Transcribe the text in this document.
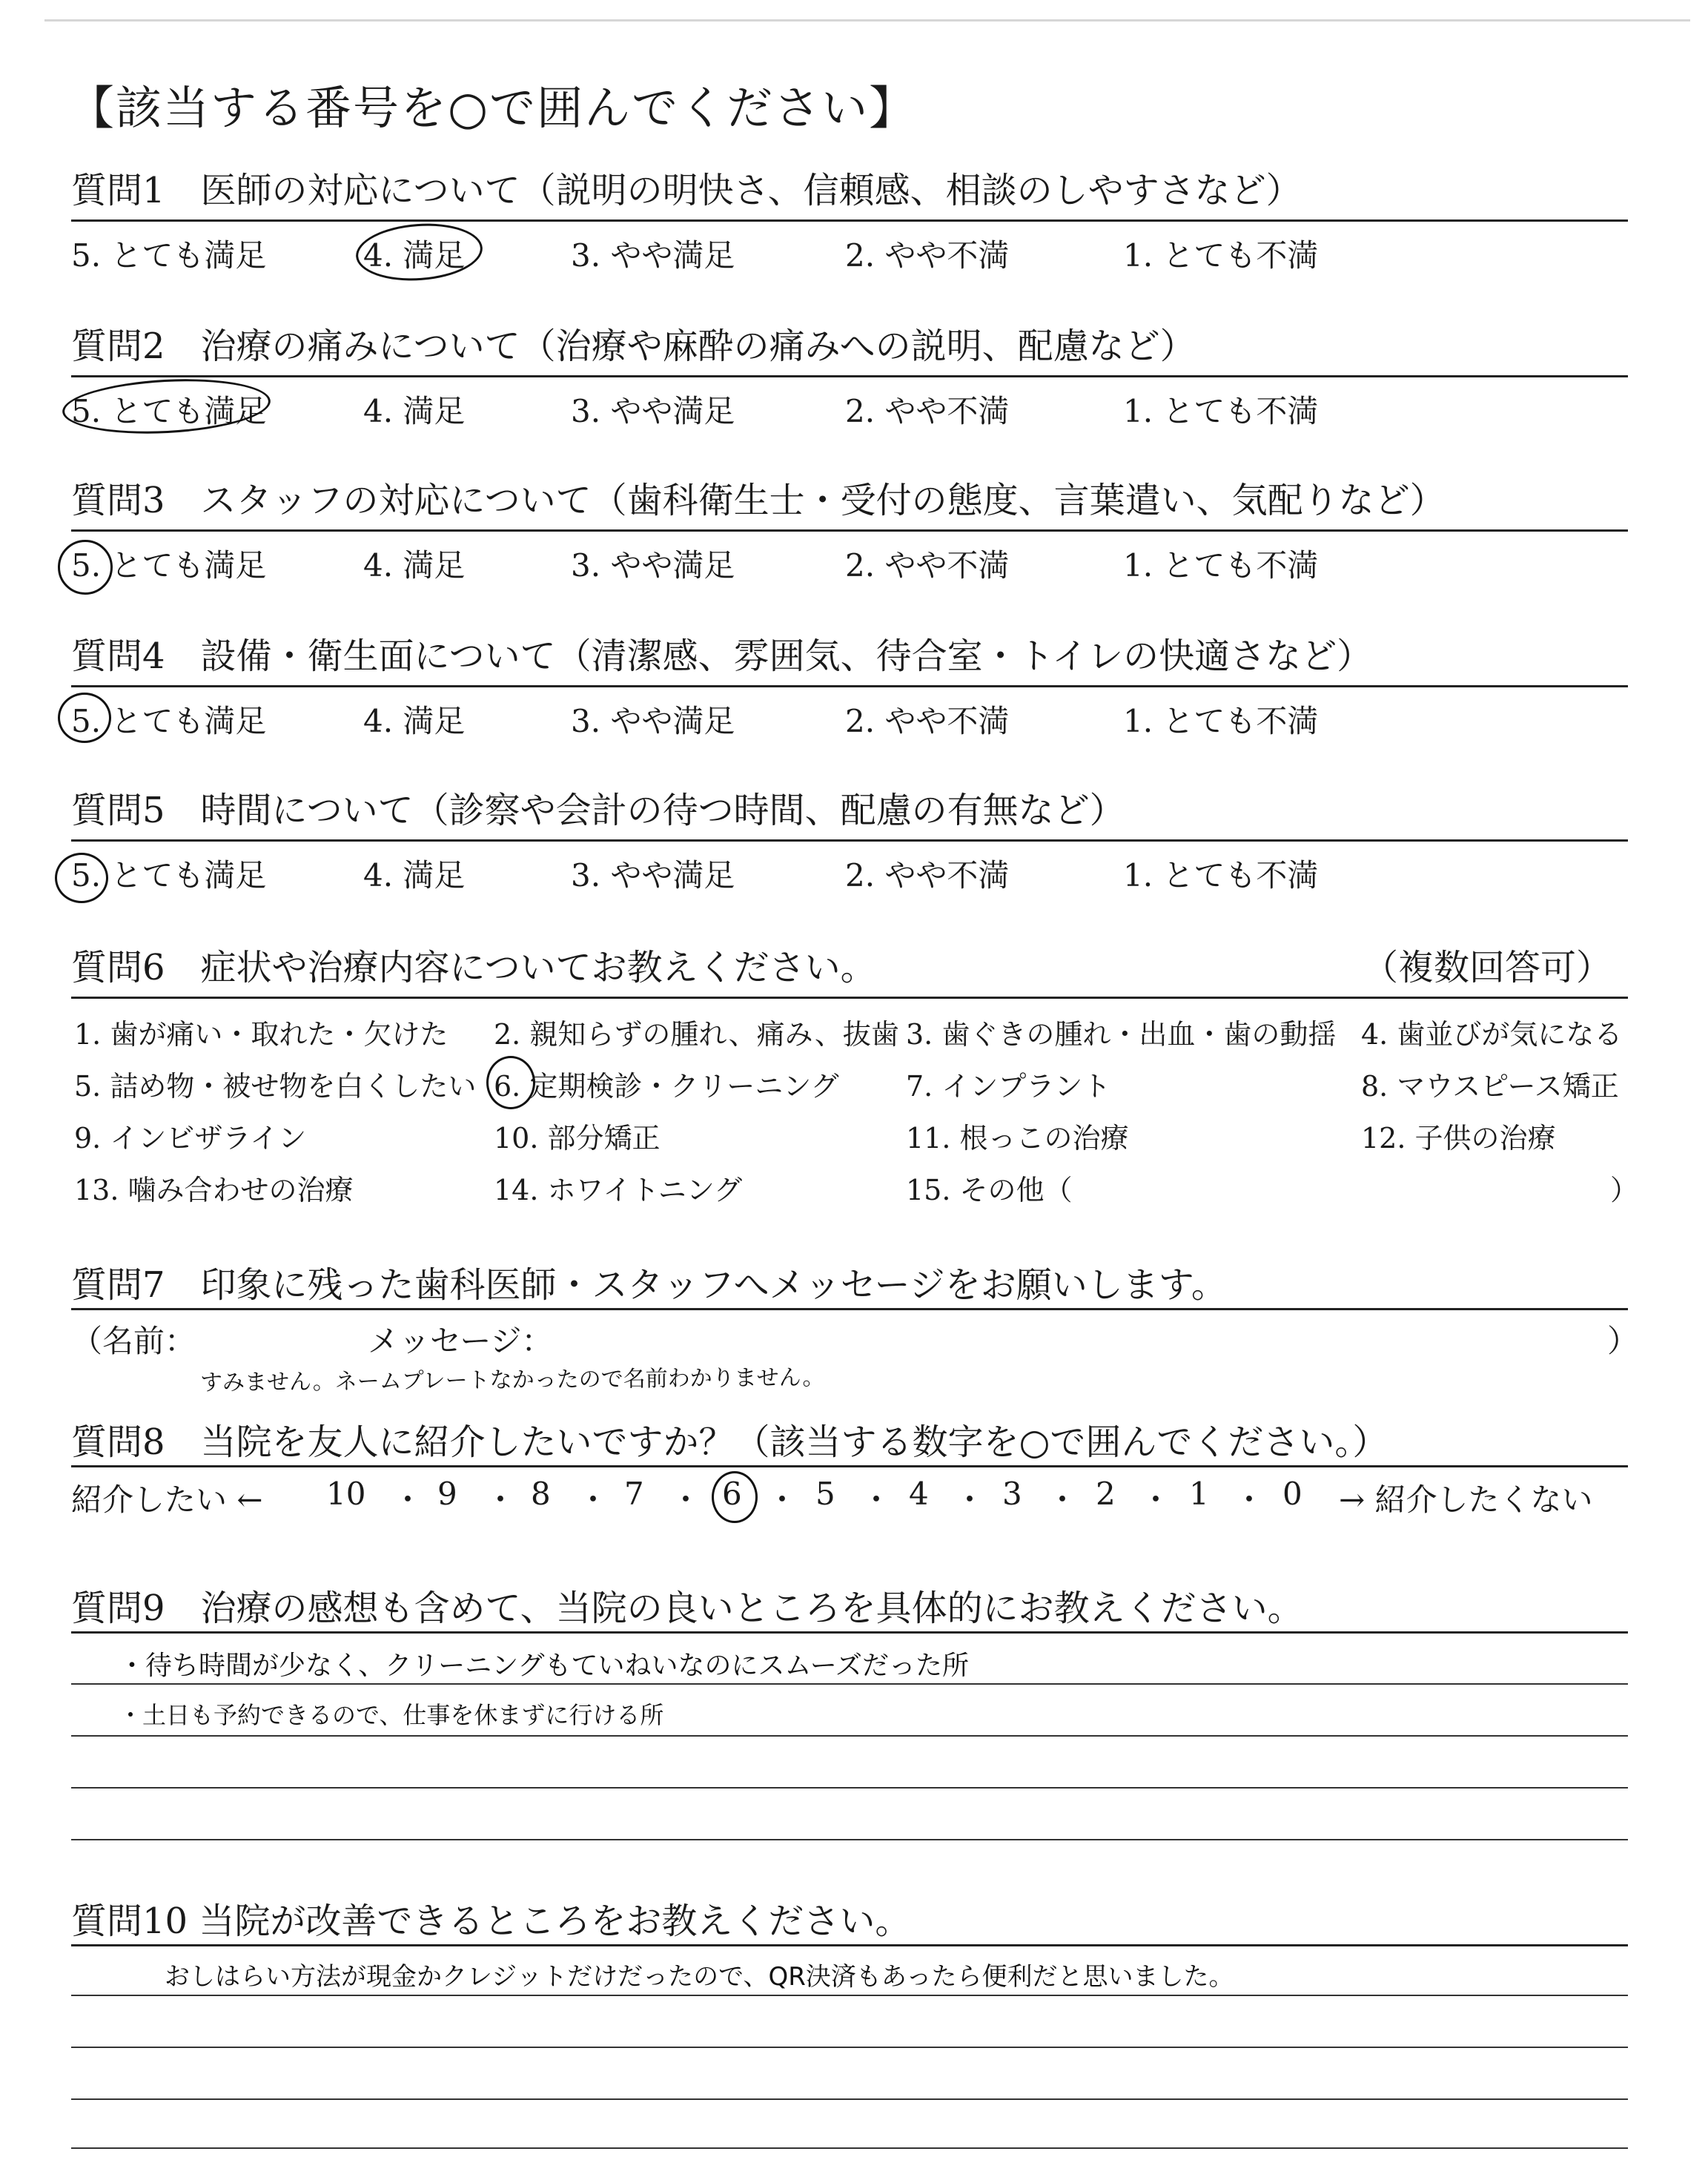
【該当する番号を○で囲んでください】
質問1　医師の対応について（説明の明快さ、信頼感、相談のしやすさなど）
5. とても満足	4. 満足	3. やや満足	2. やや不満	1. とても不満
質問2　治療の痛みについて（治療や麻酔の痛みへの説明、配慮など）
5. とても満足	4. 満足	3. やや満足	2. やや不満	1. とても不満
質問3　スタッフの対応について（歯科衛生士・受付の態度、言葉遣い、気配りなど）
5. とても満足	4. 満足	3. やや満足	2. やや不満	1. とても不満
質問4　設備・衛生面について（清潔感、雰囲気、待合室・トイレの快適さなど）
5. とても満足	4. 満足	3. やや満足	2. やや不満	1. とても不満
質問5　時間について（診察や会計の待つ時間、配慮の有無など）
5. とても満足	4. 満足	3. やや満足	2. やや不満	1. とても不満
質問6　症状や治療内容についてお教えください。	（複数回答可）
1. 歯が痛い・取れた・欠けた 2. 親知らずの腫れ、痛み、抜歯 3. 歯ぐきの腫れ・出血・歯の動揺 4. 歯並びが気になる
5. 詰め物・被せ物を白くしたい 6. 定期検診・クリーニング 7. インプラント	8. マウスピース矯正
9. インビザライン	10. 部分矯正	11. 根っこの治療	12. 子供の治療
13. 噛み合わせの治療	14. ホワイトニング	15. その他（	）
質問7　印象に残った歯科医師・スタッフへメッセージをお願いします。
（名前：	メッセージ：	）
すみません。ネームプレートなかったので名前わかりません。
質問8　当院を友人に紹介したいですか？（該当する数字を○で囲んでください。）
紹介したい ← 10 ・ 9 ・ 8 ・ 7 ・ 6 ・ 5 ・ 4 ・ 3 ・ 2 ・ 1 ・ 0 → 紹介したくない
質問9　治療の感想も含めて、当院の良いところを具体的にお教えください。
・待ち時間が少なく、クリーニングもていねいなのにスムーズだった所
・土日も予約できるので、仕事を休まずに行ける所
質問10 当院が改善できるところをお教えください。
おしはらい方法が現金かクレジットだけだったので、QR決済もあったら便利だと思いました。
